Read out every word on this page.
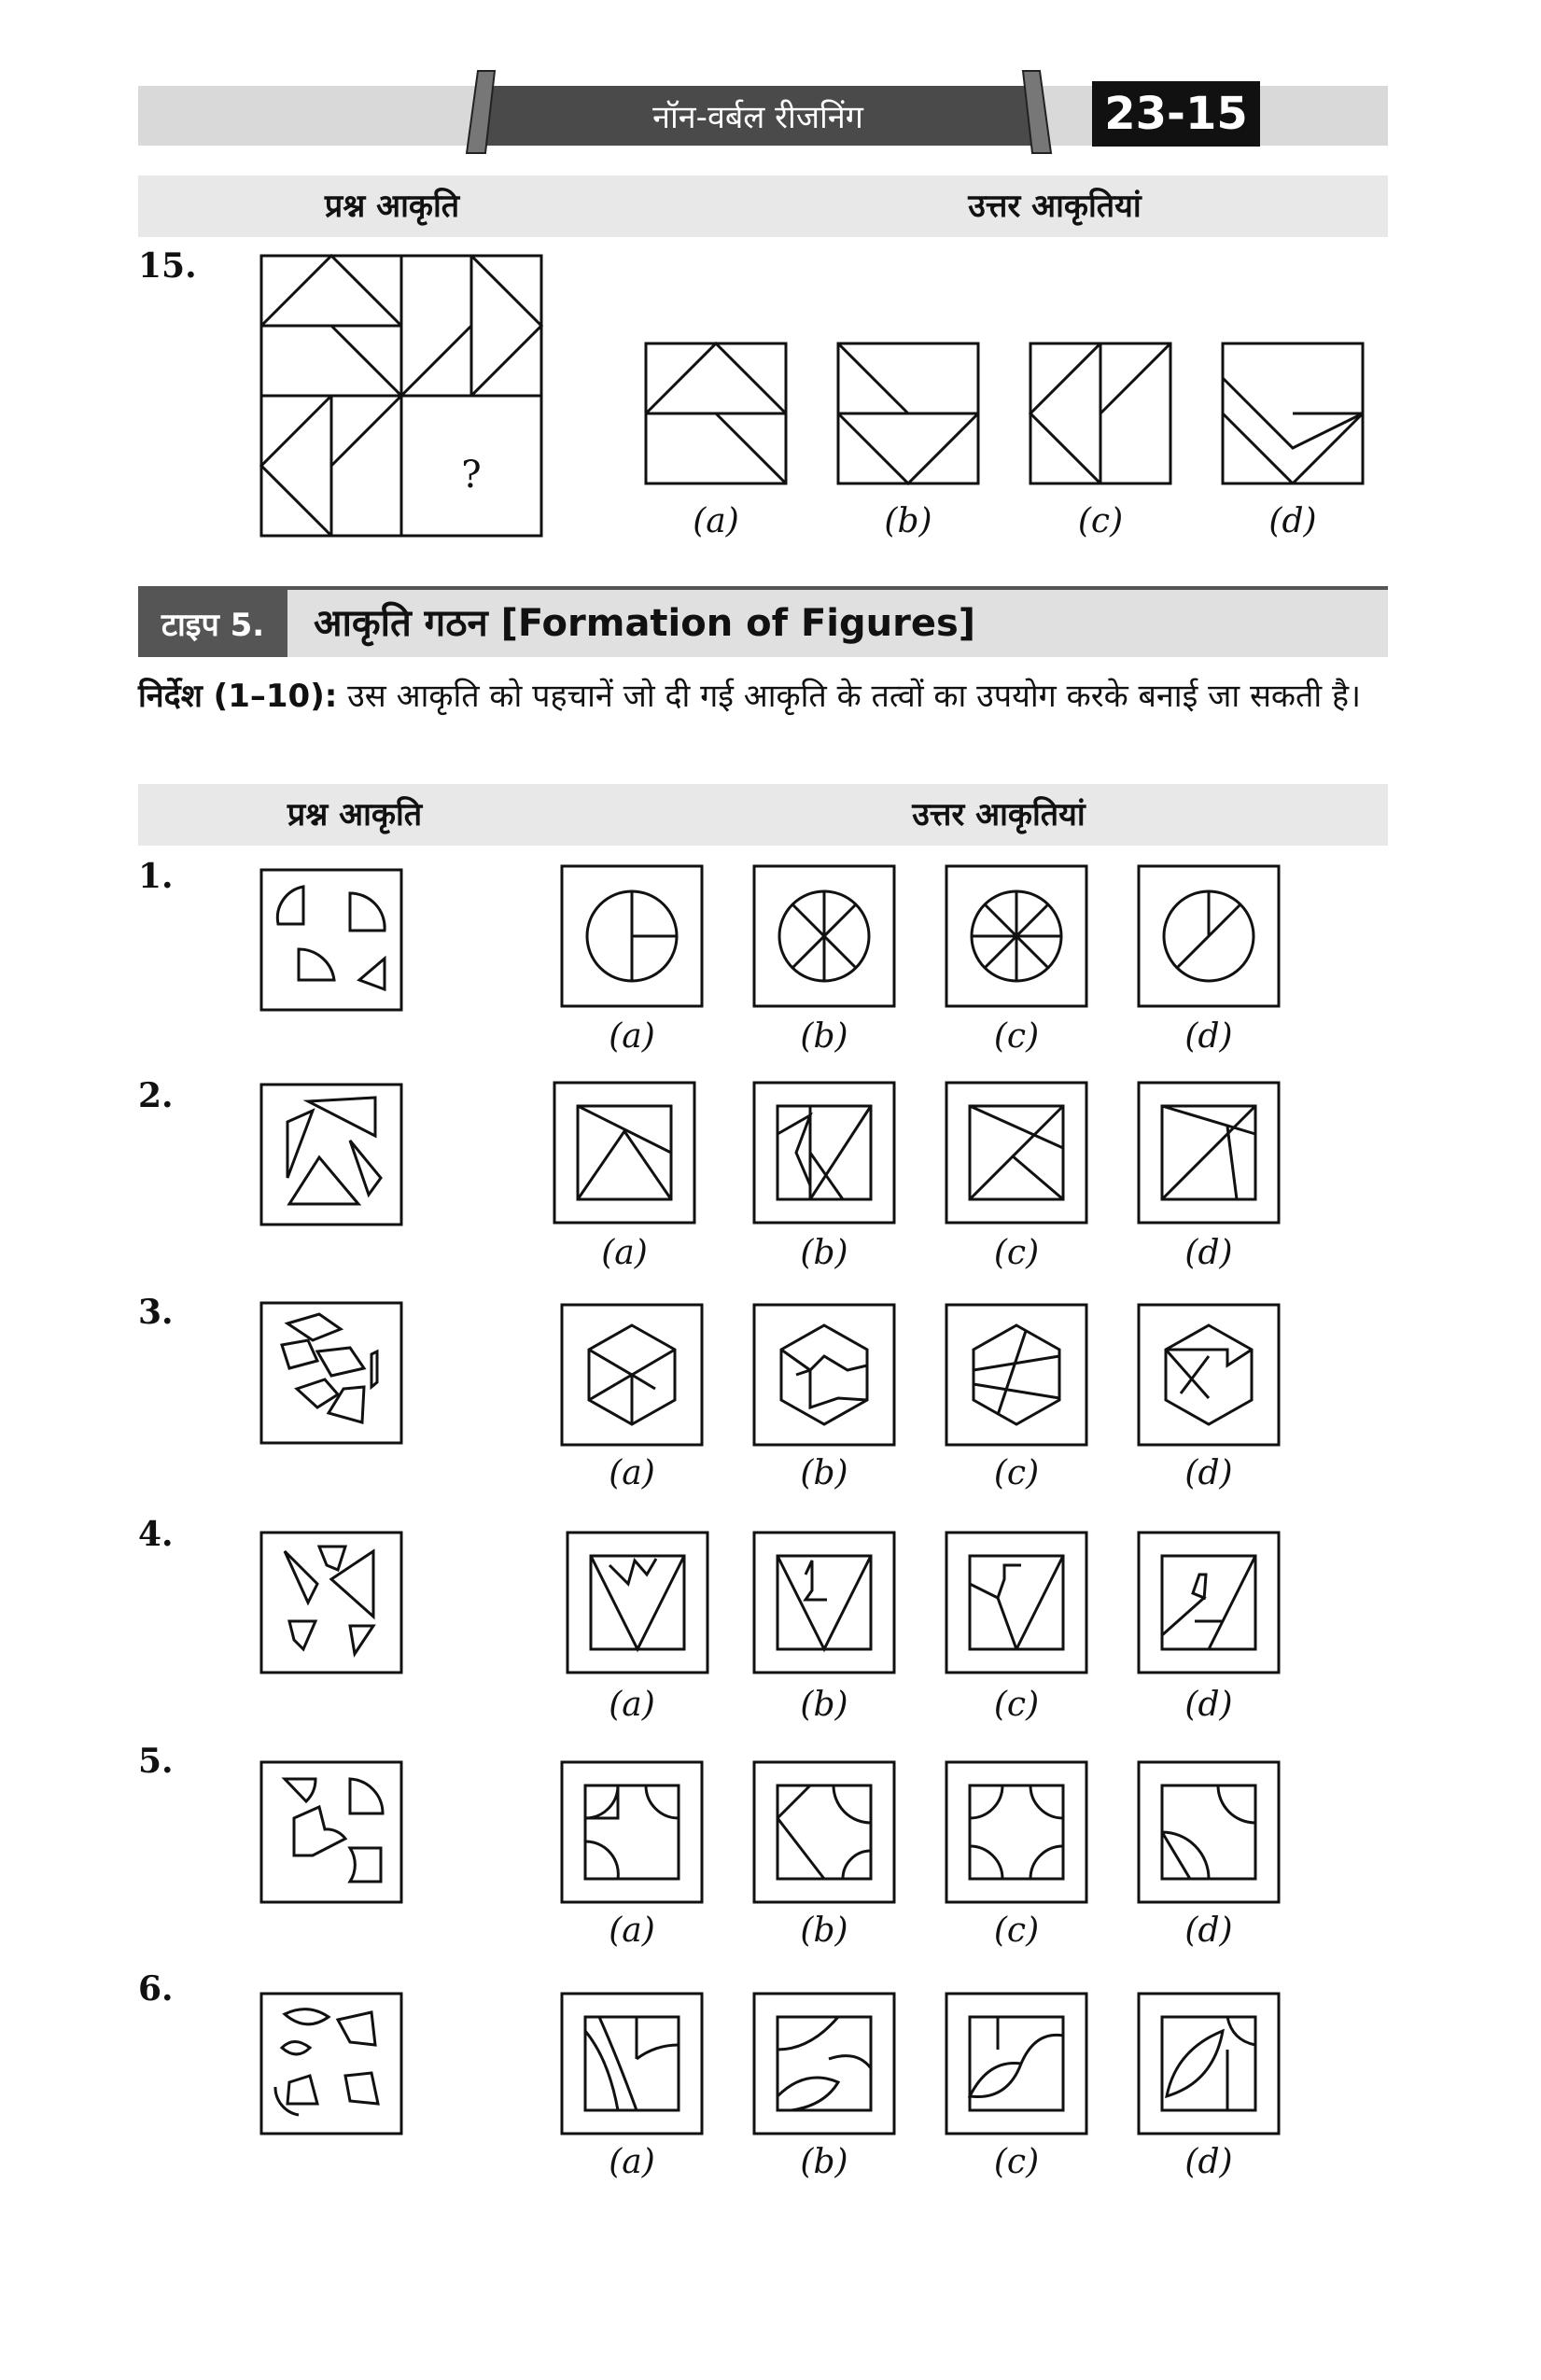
नॉन-वर्बल रीजनिंग	23-15
प्रश्न आकृति	उत्तर आकृतियां
15.
?
(a)	(b)	(c)	(d)
टाइप 5.	आकृति गठन [Formation of Figures]
निर्देश (1–10): उस आकृति को पहचानें जो दी गई आकृति के तत्वों का उपयोग करके बनाई जा सकती है।
प्रश्न आकृति	उत्तर आकृतियां
1.
2.
3.
4.
5.
6.
(a)	(b)	(c)	(d)
(a)	(b)	(c)	(d)
(a)	(b)	(c)	(d)
(a)	(b)	(c)	(d)
(a)	(b)	(c)	(d)
(a)	(b)	(c)	(d)
